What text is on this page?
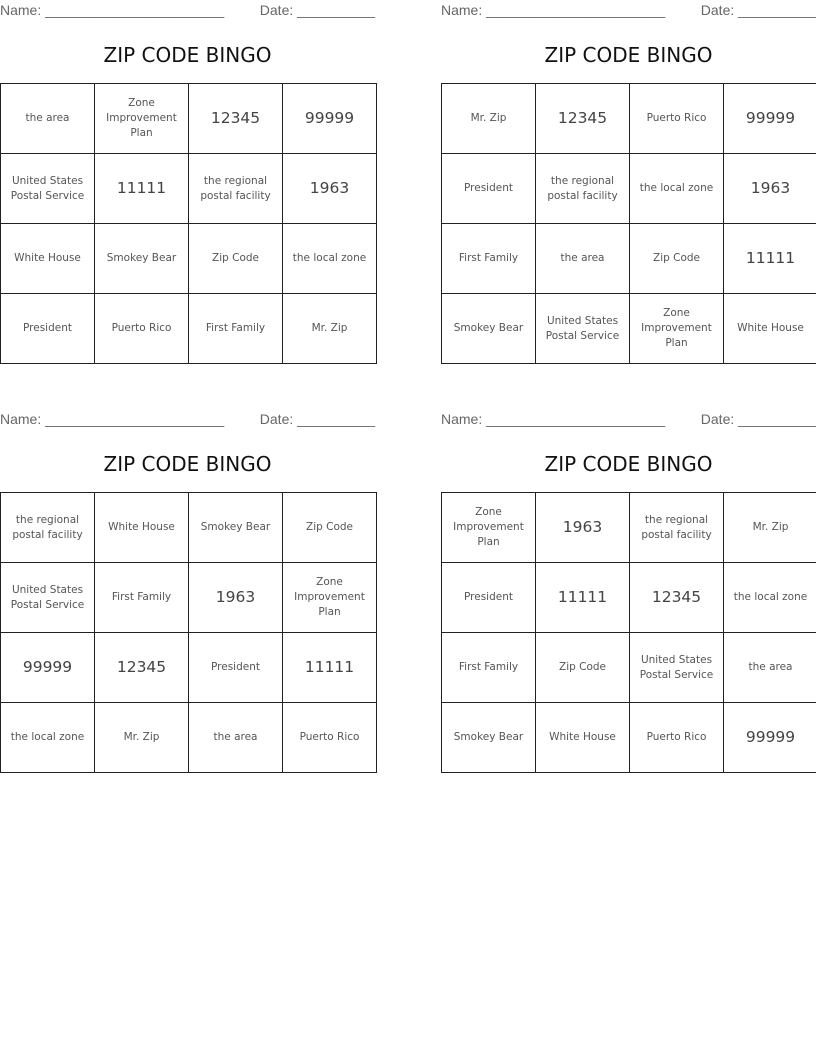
Name: _______________________	Date: __________
ZIP CODE BINGO
the area	Zone Improvement Plan	12345	99999
United States Postal Service	11111	the regional postal facility	1963
White House	Smokey Bear	Zip Code	the local zone
President	Puerto Rico	First Family	Mr. Zip
Name: _______________________	Date: __________
ZIP CODE BINGO
Mr. Zip	12345	Puerto Rico	99999
President	the regional postal facility	the local zone	1963
First Family	the area	Zip Code	11111
Smokey Bear	United States Postal Service	Zone Improvement Plan	White House
Name: _______________________	Date: __________
ZIP CODE BINGO
the regional postal facility	White House	Smokey Bear	Zip Code
United States Postal Service	First Family	1963	Zone Improvement Plan
99999	12345	President	11111
the local zone	Mr. Zip	the area	Puerto Rico
Name: _______________________	Date: __________
ZIP CODE BINGO
Zone Improvement Plan	1963	the regional postal facility	Mr. Zip
President	11111	12345	the local zone
First Family	Zip Code	United States Postal Service	the area
Smokey Bear	White House	Puerto Rico	99999
